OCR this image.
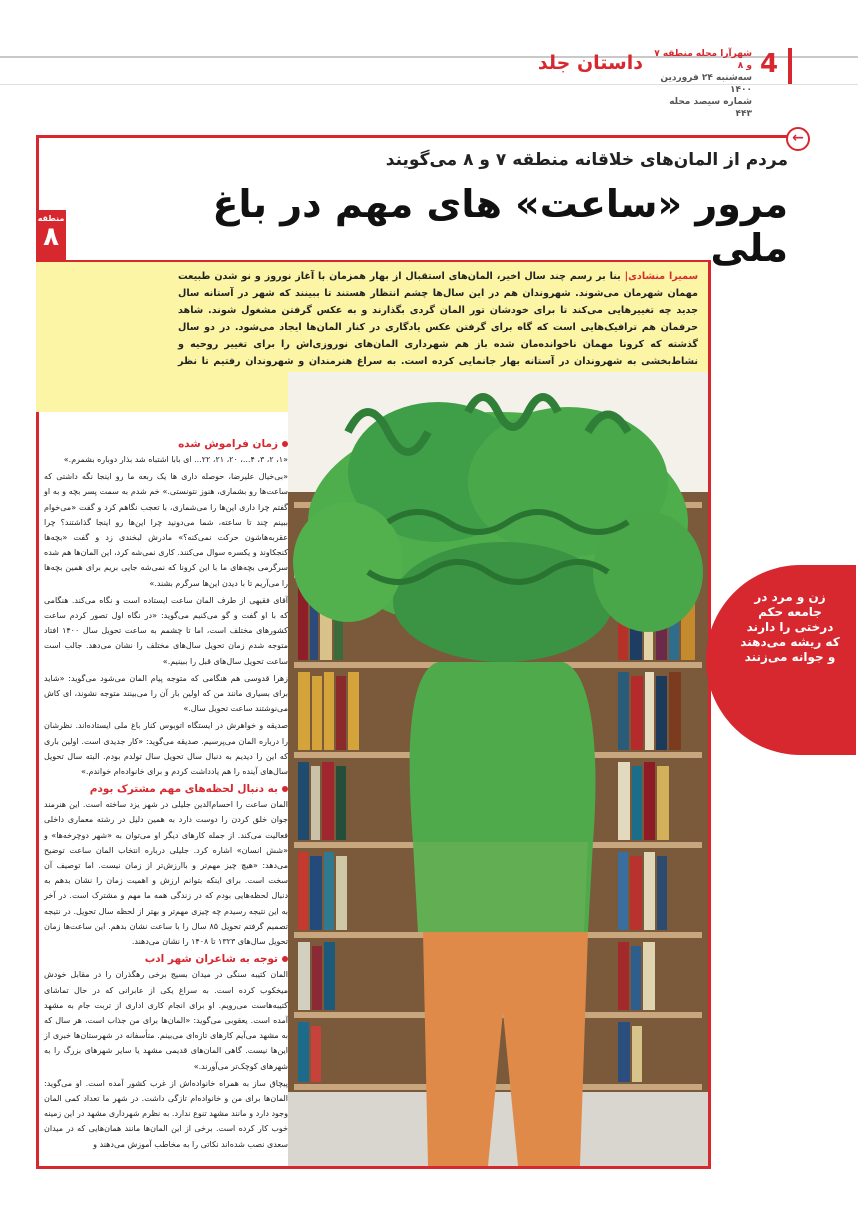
4
شهرآرا محله منطقه ۷ و ۸
سه‌شنبه ۲۴ فروردین ۱۴۰۰
شماره سیصد محله ۴۴۳
داستان جلد
←
منطقه
۸
مردم از المان‌های خلاقانه منطقه ۷ و ۸ می‌گویند
مرور «ساعت» های مهم در باغ ملی
سمیرا منشادی| بنا بر رسم چند سال اخیر، المان‌های استقبال از بهار همزمان با آغاز نوروز و نو شدن طبیعت مهمان شهرمان می‌شوند. شهروندان هم در این سال‌ها چشم انتظار هستند تا ببینند که شهر در آستانه سال جدید چه تغییرهایی می‌کند تا برای خودشان تور المان گردی بگذارند و به عکس گرفتن مشغول شوند. شاهد حرفمان هم ترافیک‌هایی است که گاه برای گرفتن عکس یادگاری در کنار المان‌ها ایجاد می‌شود. در دو سال گذشته که کرونا مهمان ناخوانده‌مان شده باز هم شهرداری المان‌های نوروزی‌اش را برای تغییر روحیه و نشاط‌بخشی به شهروندان در آستانه بهار جانمایی کرده است. به سراغ هنرمندان و شهروندان رفتیم تا نظر
زن و مرد در جامعه حکم درختی را دارند که ریشه می‌دهند و جوانه می‌زنند
زمان فراموش شده

«۱، ۲، ۳، ۴...، ۲۰، ۲۱، ۲۲... ای بابا اشتباه شد بذار دوباره بشمرم.»

«بی‌خیال علیرضا، حوصله داری ها یک ربعه ما رو اینجا نگه داشتی که ساعت‌ها رو بشماری، هنوز نتونستی.» خم شدم به سمت پسر بچه و به او گفتم چرا داری این‌ها را می‌شماری، با تعجب نگاهم کرد و گفت «می‌خوام ببینم چند تا ساعته، شما می‌دونید چرا این‌ها رو اینجا گذاشتند؟ چرا عقربه‌هاشون حرکت نمی‌کنه؟» مادرش لبخندی زد و گفت «بچه‌ها کنجکاوند و یکسره سوال می‌کنند. کاری نمی‌شه کرد، این المان‌ها هم شده سرگرمی بچه‌های ما با این کرونا که نمی‌شه جایی بریم برای همین بچه‌ها را می‌آریم تا با دیدن این‌ها سرگرم بشند.»

آقای فقیهی از طرف المان ساعت ایستاده است و نگاه می‌کند. هنگامی که با او گفت و گو می‌کنیم می‌گوید: «در نگاه اول تصور کردم ساعت کشورهای مختلف است، اما تا چشمم به ساعت تحویل سال ۱۴۰۰ افتاد متوجه شدم زمان تحویل سال‌های مختلف را نشان می‌دهد. جالب است ساعت تحویل سال‌های قبل را ببینیم.»

زهرا قدوسی هم هنگامی که متوجه پیام المان می‌شود می‌گوید: «شاید برای بسیاری مانند من که اولین بار آن را می‌بینند متوجه نشوند، ای کاش می‌نوشتند ساعت تحویل سال.»

صدیقه و خواهرش در ایستگاه اتوبوس کنار باغ ملی ایستاده‌اند. نظرشان را درباره المان می‌پرسیم. صدیقه می‌گوید: «کار جدیدی است. اولین باری که این را دیدیم به دنبال سال تحویل سال تولدم بودم. البته سال تحویل سال‌های آینده را هم یادداشت کردم و برای خانواده‌ام خواندم.»

به دنبال لحظه‌های مهم مشترک بودم

المان ساعت را احسام‌الدین جلیلی در شهر یزد ساخته است. این هنرمند جوان خلق کردن را دوست دارد به همین دلیل در رشته معماری داخلی فعالیت می‌کند. از جمله کارهای دیگر او می‌توان به «شهر دوچرخه‌ها» و «شش انسان» اشاره کرد. جلیلی درباره انتخاب المان ساعت توضیح می‌دهد: «هیچ چیز مهم‌تر و باارزش‌تر از زمان نیست. اما توصیف آن سخت است. برای اینکه بتوانم ارزش و اهمیت زمان را نشان بدهم به دنبال لحظه‌هایی بودم که در زندگی همه ما مهم و مشترک است. در آخر به این نتیجه رسیدم چه چیزی مهم‌تر و بهتر از لحظه سال تحویل. در نتیجه تصمیم گرفتم تحویل ۸۵ سال را با ساعت نشان بدهم. این ساعت‌ها زمان تحویل سال‌های ۱۳۲۳ تا ۱۴۰۸ را نشان می‌دهند.

توجه به شاعران شهر ادب

المان کتیبه سنگی در میدان بسیج برخی رهگذران را در مقابل خودش میخکوب کرده است. به سراغ یکی از عابرانی که در حال تماشای کتیبه‌هاست می‌رویم. او برای انجام کاری اداری از تربت جام به مشهد آمده است. یعقوبی می‌گوید: «المان‌ها برای من جذاب است، هر سال که به مشهد می‌آیم کارهای تازه‌ای می‌بینم. متأسفانه در شهرستان‌ها خبری از این‌ها نیست. گاهی المان‌های قدیمی مشهد یا سایر شهرهای بزرگ را به شهرهای کوچک‌تر می‌آورند.»

پیچاق ساز به همراه خانواده‌اش از غرب کشور آمده است. او می‌گوید: المان‌ها برای من و خانواده‌ام تازگی داشت. در شهر ما تعداد کمی المان وجود دارد و مانند مشهد تنوع ندارد. به نظرم شهرداری مشهد در این زمینه خوب کار کرده است. برخی از این المان‌ها مانند همان‌هایی که در میدان سعدی نصب شده‌اند نکاتی را به مخاطب آموزش می‌دهند و
